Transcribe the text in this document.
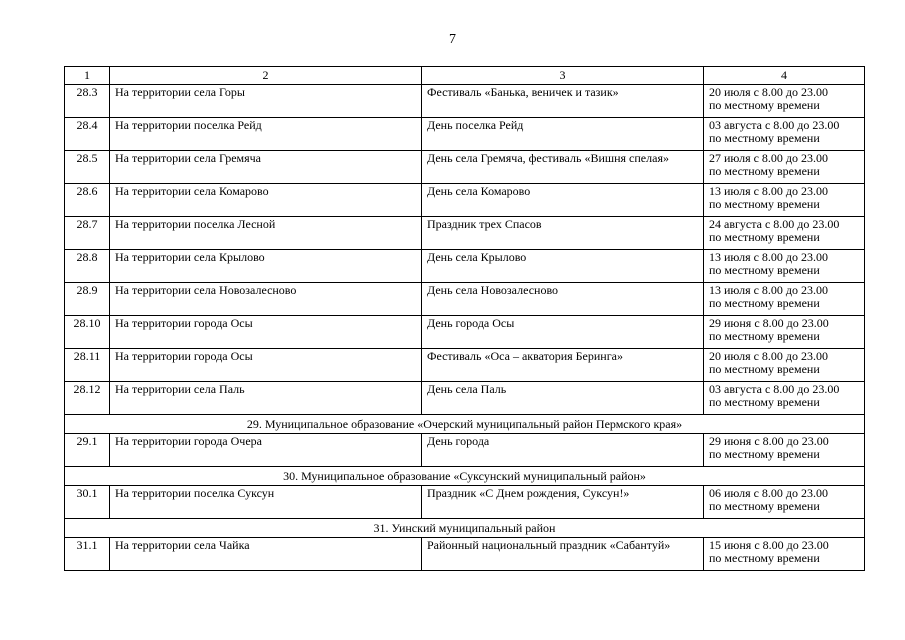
7
1	2	3	4
28.3	На территории села Горы	Фестиваль «Банька, веничек и тазик»	20 июля с 8.00 до 23.00
по местному времени

28.4	На территории поселка Рейд	День поселка Рейд	03 августа с 8.00 до 23.00
по местному времени

28.5	На территории села Гремяча	День села Гремяча, фестиваль «Вишня спелая»	27 июля с 8.00 до 23.00
по местному времени

28.6	На территории села Комарово	День села Комарово	13 июля с 8.00 до 23.00
по местному времени

28.7	На территории поселка Лесной	Праздник трех Спасов	24 августа с 8.00 до 23.00
по местному времени

28.8	На территории села Крылово	День села Крылово	13 июля с 8.00 до 23.00
по местному времени

28.9	На территории села Новозалесново	День села Новозалесново	13 июля с 8.00 до 23.00
по местному времени

28.10	На территории города Осы	День города Осы	29 июня с 8.00 до 23.00
по местному времени

28.11	На территории города Осы	Фестиваль «Оса – акватория Беринга»	20 июля с 8.00 до 23.00
по местному времени

28.12	На территории села Паль	День села Паль	03 августа с 8.00 до 23.00
по местному времени

29. Муниципальное образование «Очерский муниципальный район Пермского края»			
29.1	На территории города Очера	День города	29 июня с 8.00 до 23.00
по местному времени

30. Муниципальное образование «Суксунский муниципальный район»			
30.1	На территории поселка Суксун	Праздник «С Днем рождения, Суксун!»	06 июля с 8.00 до 23.00
по местному времени

31. Уинский муниципальный район			
31.1	На территории села Чайка	Районный национальный праздник «Сабантуй»	15 июня с 8.00 до 23.00
по местному времени
